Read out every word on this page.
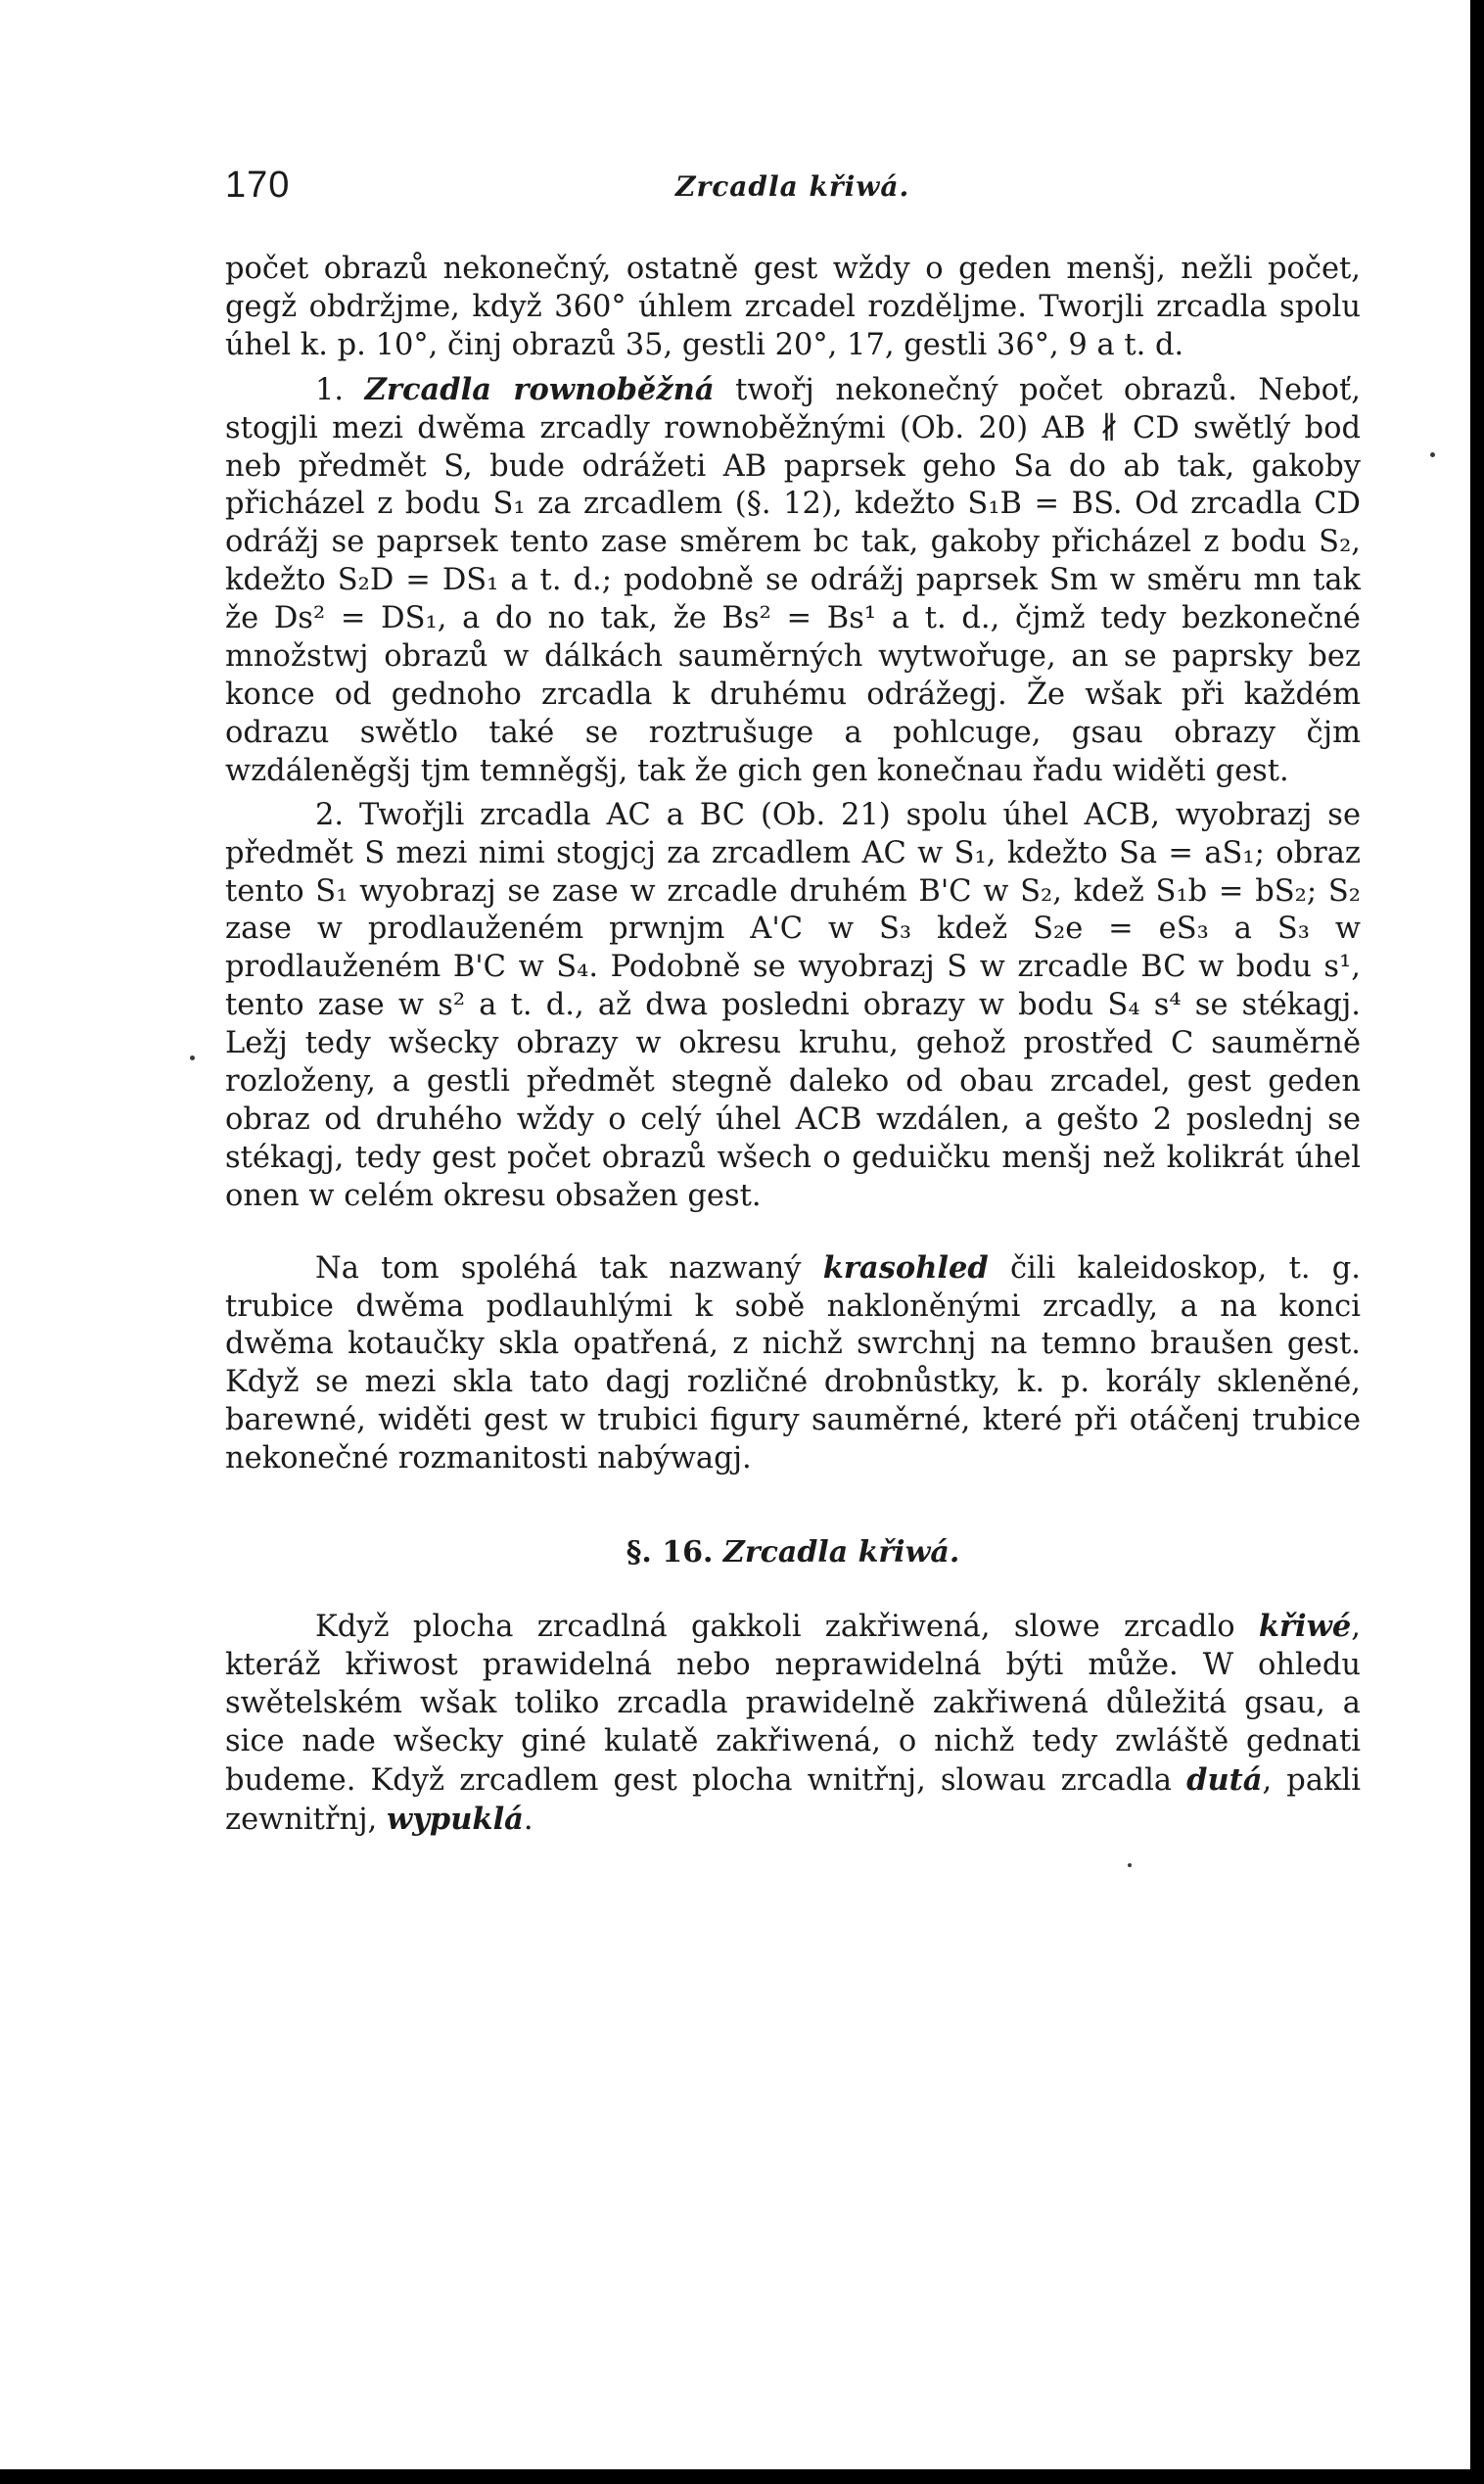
170	Zrcadla křiwá.

počet obrazů nekonečný, ostatně gest wždy o geden menšj, nežli počet, gegž obdržjme, když 360° úhlem zrcadel rozděljme. Tworjli zrcadla spolu úhel k. p. 10°, činj obrazů 35, gestli 20°, 17, gestli 36°, 9 a t. d.

1. Zrcadla rownoběžná twořj nekonečný počet obrazů. Neboť, stogjli mezi dwěma zrcadly rownoběžnými (Ob. 20) AB ∦ CD swětlý bod neb předmět S, bude odrážeti AB paprsek geho Sa do ab tak, gakoby přicházel z bodu S₁ za zrcadlem (§. 12), kdežto S₁B = BS. Od zrcadla CD odrážj se paprsek tento zase směrem bc tak, gakoby přicházel z bodu S₂, kdežto S₂D = DS₁ a t. d.; podobně se odrážj paprsek Sm w směru mn tak že Ds² = DS₁, a do no tak, že Bs² = Bs¹ a t. d., čjmž tedy bezkonečné množstwj obrazů w dálkách sauměrných wytwořuge, an se paprsky bez konce od gednoho zrcadla k druhému odrážegj. Že wšak při každém odrazu swětlo také se roztrušuge a pohlcuge, gsau obrazy čjm wzdáleněgšj tjm temněgšj, tak že gich gen konečnau řadu widěti gest.

2. Twořjli zrcadla AC a BC (Ob. 21) spolu úhel ACB, wyobrazj se předmět S mezi nimi stogjcj za zrcadlem AC w S₁, kdežto Sa = aS₁; obraz tento S₁ wyobrazj se zase w zrcadle druhém B'C w S₂, kdež S₁b = bS₂; S₂ zase w prodlauženém prwnjm A'C w S₃ kdež S₂e = eS₃ a S₃ w prodlauženém B'C w S₄. Podobně se wyobrazj S w zrcadle BC w bodu s¹, tento zase w s² a t. d., až dwa posledni obrazy w bodu S₄ s⁴ se stékagj. Ležj tedy wšecky obrazy w okresu kruhu, gehož prostřed C sauměrně rozloženy, a gestli předmět stegně daleko od obau zrcadel, gest geden obraz od druhého wždy o celý úhel ACB wzdálen, a gešto 2 poslednj se stékagj, tedy gest počet obrazů wšech o geduičku menšj než kolikrát úhel onen w celém okresu obsažen gest.

Na tom spoléhá tak nazwaný krasohled čili kaleidoskop, t. g. trubice dwěma podlauhlými k sobě nakloněnými zrcadly, a na konci dwěma kotaučky skla opatřená, z nichž swrchnj na temno braušen gest. Když se mezi skla tato dagj rozličné drobnůstky, k. p. korály skleněné, barewné, widěti gest w trubici figury sauměrné, které při otáčenj trubice nekonečné rozmanitosti nabýwagj.

§. 16. Zrcadla křiwá.

Když plocha zrcadlná gakkoli zakřiwená, slowe zrcadlo křiwé, kteráž křiwost prawidelná nebo neprawidelná býti může. W ohledu swětelském wšak toliko zrcadla prawidelně zakřiwená důležitá gsau, a sice nade wšecky giné kulatě zakřiwená, o nichž tedy zwláště gednati budeme. Když zrcadlem gest plocha wnitřnj, slowau zrcadla dutá, pakli zewnitřnj, wypuklá.
